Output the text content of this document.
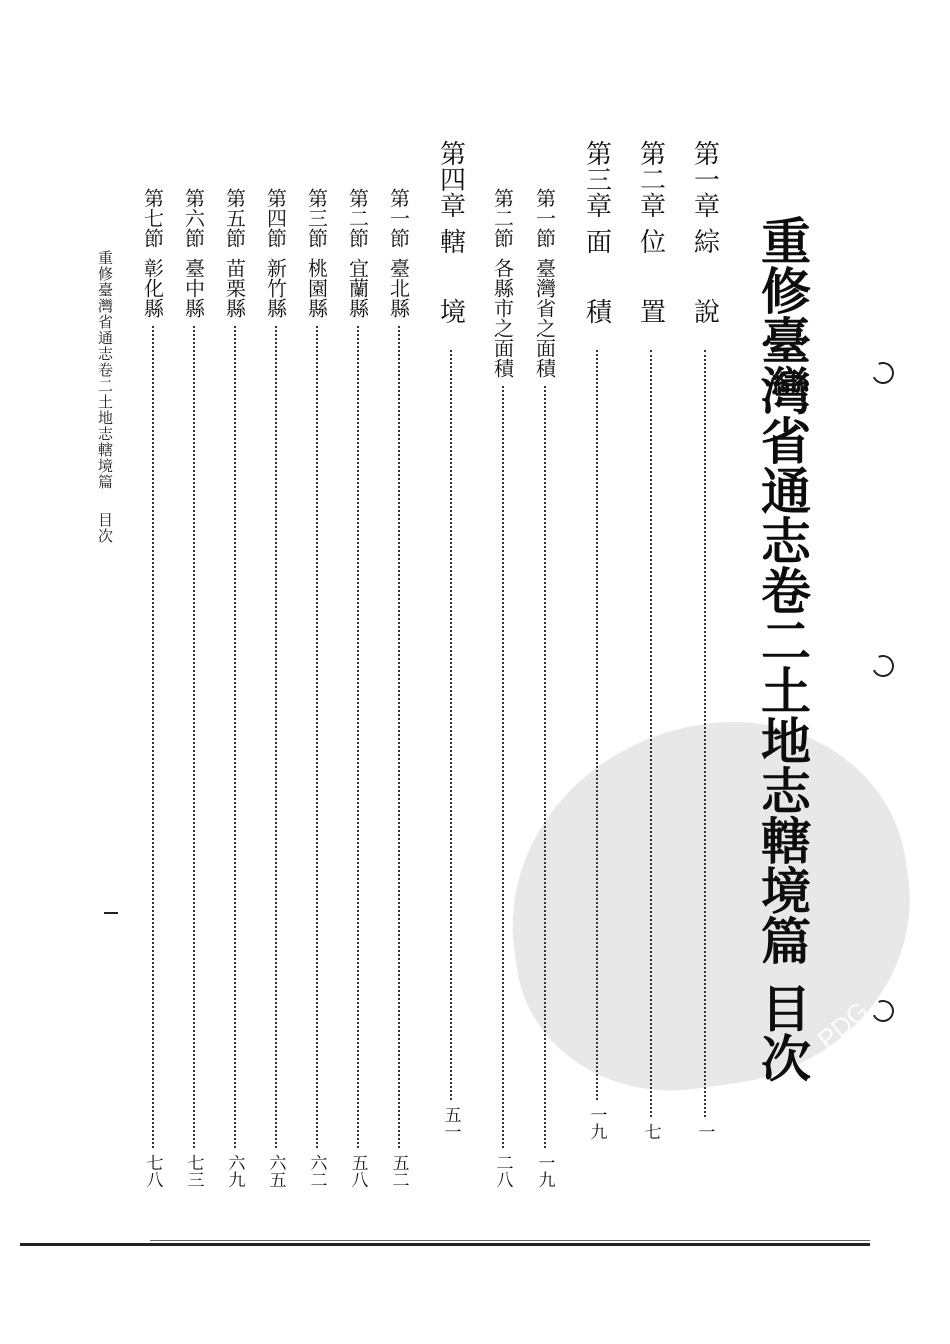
PDG
重修臺灣省通志卷二土地志轄境篇 目次
第一章
綜 說
一
第二章
位 置
七
第三章
面 積
一九
第一節
臺灣省之面積
一九
第二節
各縣市之面積
二八
第四章
轄 境
五一
第一節
臺北縣
五二
第二節
宜蘭縣
五八
第三節
桃園縣
六二
第四節
新竹縣
六五
第五節
苗栗縣
六九
第六節
臺中縣
七三
第七節
彰化縣
七八
重修臺灣省通志卷二土地志轄境篇目次
